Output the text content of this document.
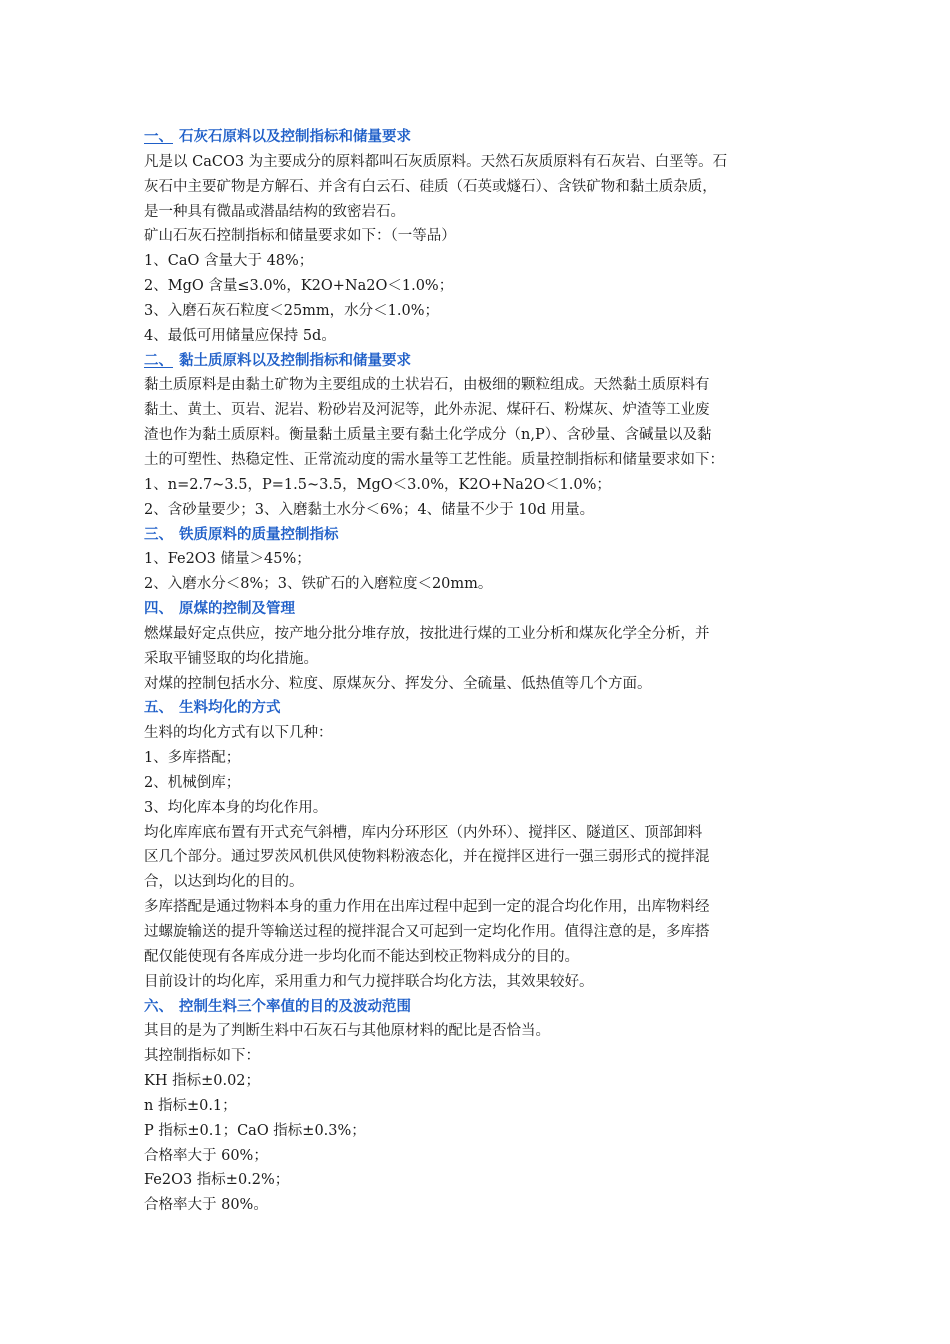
一、 石灰石原料以及控制指标和储量要求
凡是以 CaCO3 为主要成分的原料都叫石灰质原料。天然石灰质原料有石灰岩、白垩等。石
灰石中主要矿物是方解石、并含有白云石、硅质（石英或燧石）、含铁矿物和黏土质杂质，
是一种具有微晶或潜晶结构的致密岩石。
矿山石灰石控制指标和储量要求如下：（一等品）
1、CaO 含量大于 48%；
2、MgO 含量≤3.0%，K2O+Na2O＜1.0%；
3、入磨石灰石粒度＜25mm，水分＜1.0%；
4、最低可用储量应保持 5d。
二、 黏土质原料以及控制指标和储量要求
黏土质原料是由黏土矿物为主要组成的土状岩石，由极细的颗粒组成。天然黏土质原料有
黏土、黄土、页岩、泥岩、粉砂岩及河泥等，此外赤泥、煤矸石、粉煤灰、炉渣等工业废
渣也作为黏土质原料。衡量黏土质量主要有黏土化学成分（n,P）、含砂量、含碱量以及黏
土的可塑性、热稳定性、正常流动度的需水量等工艺性能。质量控制指标和储量要求如下：
1、n=2.7~3.5，P=1.5~3.5，MgO＜3.0%，K2O+Na2O＜1.0%；
2、含砂量要少；3、入磨黏土水分＜6%；4、储量不少于 10d 用量。
三、 铁质原料的质量控制指标
1、Fe2O3 储量＞45%；
2、入磨水分＜8%；3、铁矿石的入磨粒度＜20mm。
四、 原煤的控制及管理
燃煤最好定点供应，按产地分批分堆存放，按批进行煤的工业分析和煤灰化学全分析，并
采取平铺竖取的均化措施。
对煤的控制包括水分、粒度、原煤灰分、挥发分、全硫量、低热值等几个方面。
五、 生料均化的方式
生料的均化方式有以下几种：
1、多库搭配；
2、机械倒库；
3、均化库本身的均化作用。
均化库库底布置有开式充气斜槽，库内分环形区（内外环）、搅拌区、隧道区、顶部卸料
区几个部分。通过罗茨风机供风使物料粉液态化，并在搅拌区进行一强三弱形式的搅拌混
合，以达到均化的目的。
多库搭配是通过物料本身的重力作用在出库过程中起到一定的混合均化作用，出库物料经
过螺旋输送的提升等输送过程的搅拌混合又可起到一定均化作用。值得注意的是，多库搭
配仅能使现有各库成分进一步均化而不能达到校正物料成分的目的。
目前设计的均化库，采用重力和气力搅拌联合均化方法，其效果较好。
六、 控制生料三个率值的目的及波动范围
其目的是为了判断生料中石灰石与其他原材料的配比是否恰当。
其控制指标如下：
KH 指标±0.02；
n 指标±0.1；
P 指标±0.1；CaO 指标±0.3%；
合格率大于 60%；
Fe2O3 指标±0.2%；
合格率大于 80%。
